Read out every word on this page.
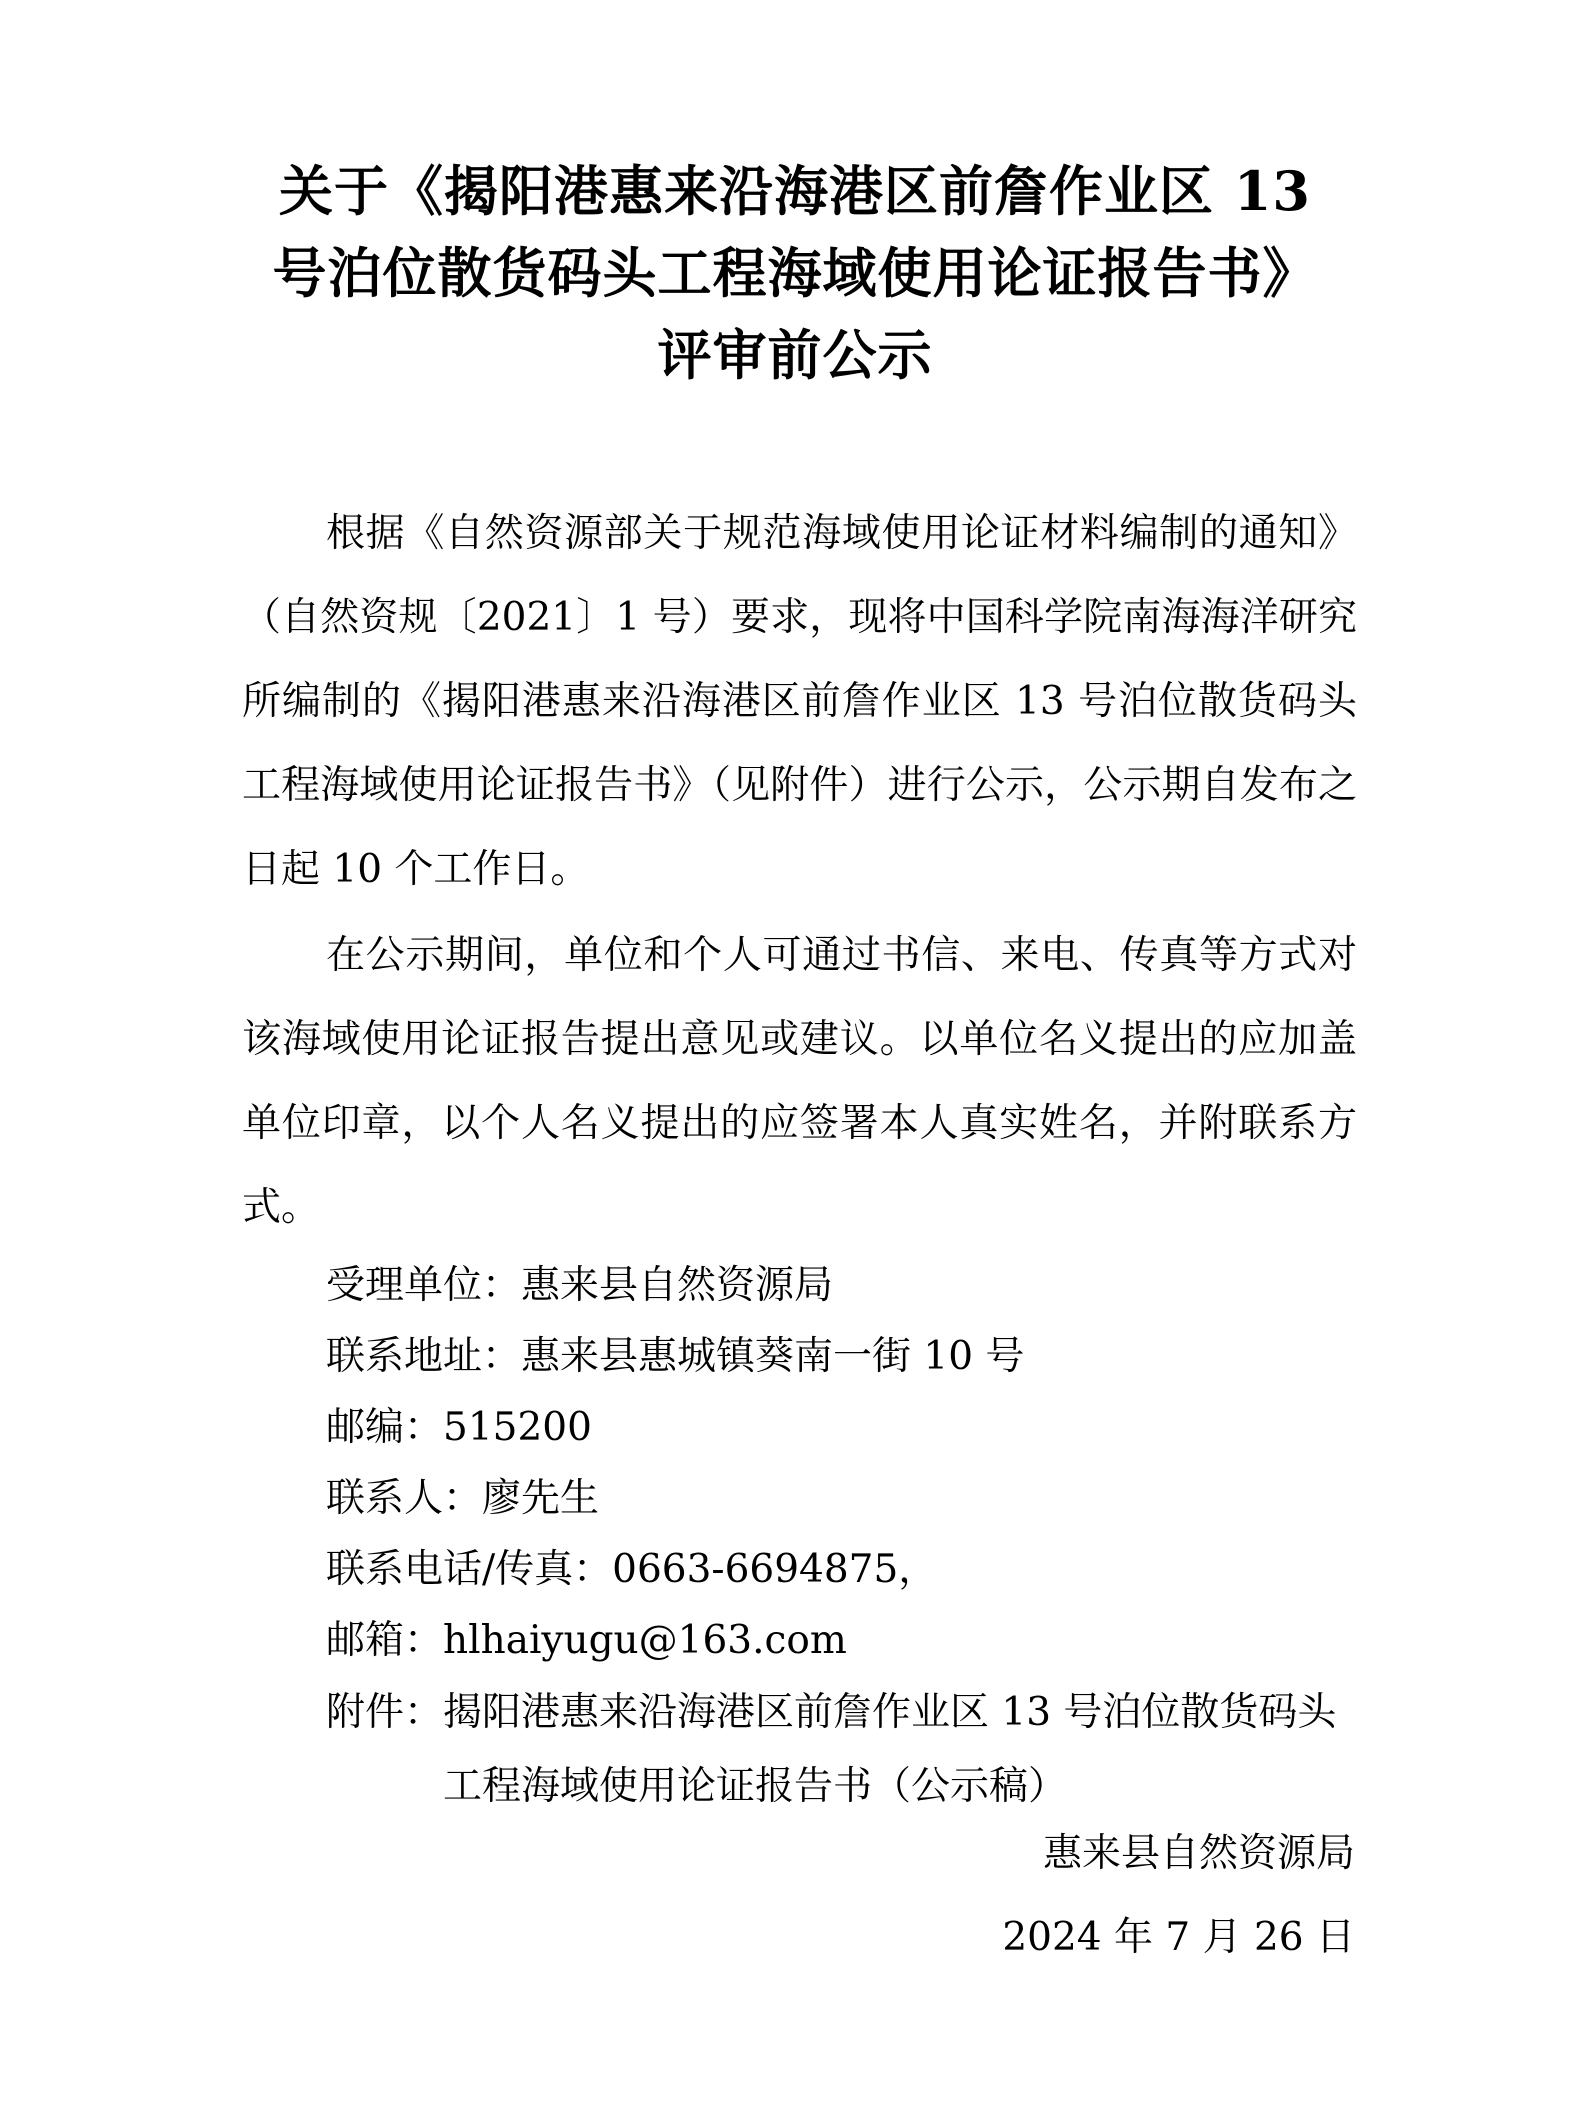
关于《揭阳港惠来沿海港区前詹作业区 13
号泊位散货码头工程海域使用论证报告书》
评审前公示

根据《自然资源部关于规范海域使用论证材料编制的通知》（自然资规〔2021〕1 号）要求，现将中国科学院南海海洋研究所编制的《揭阳港惠来沿海港区前詹作业区 13 号泊位散货码头工程海域使用论证报告书》（见附件）进行公示，公示期自发布之日起 10 个工作日。

在公示期间，单位和个人可通过书信、来电、传真等方式对该海域使用论证报告提出意见或建议。以单位名义提出的应加盖单位印章，以个人名义提出的应签署本人真实姓名，并附联系方式。

受理单位：惠来县自然资源局
联系地址：惠来县惠城镇葵南一街 10 号
邮编：515200
联系人：廖先生
联系电话/传真：0663-6694875，
邮箱：hlhaiyugu@163.com
附件： 揭阳港惠来沿海港区前詹作业区 13 号泊位散货码头工程海域使用论证报告书（公示稿）
惠来县自然资源局
2024 年 7 月 26 日
